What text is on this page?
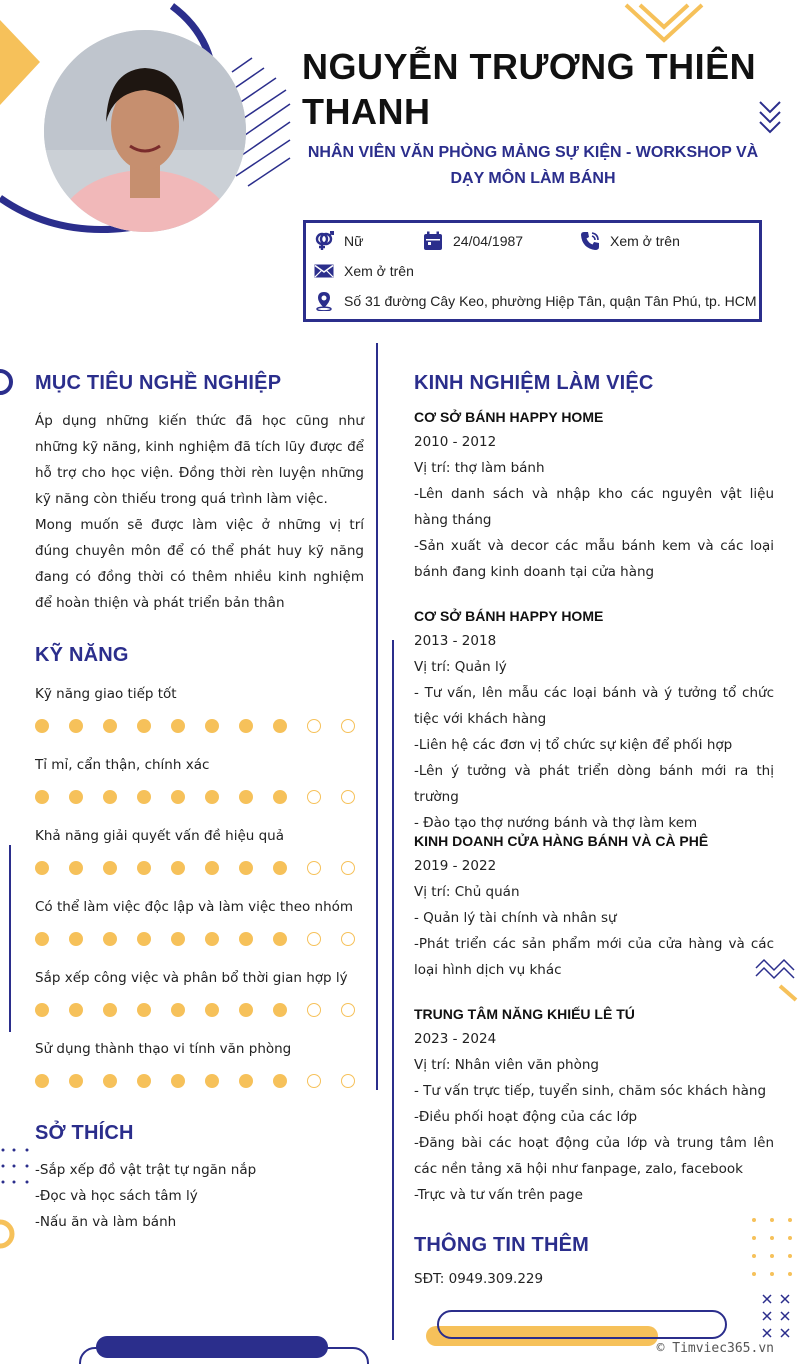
NGUYỄN TRƯƠNG THIÊN THANH
NHÂN VIÊN VĂN PHÒNG MẢNG SỰ KIỆN - WORKSHOP VÀ DẠY MÔN LÀM BÁNH
Nữ	24/04/1987	Xem ở trên
Xem ở trên
Số 31 đường Cây Keo, phường Hiệp Tân, quận Tân Phú, tp. HCM
MỤC TIÊU NGHỀ NGHIỆP
Áp dụng những kiến thức đã học cũng như những kỹ năng, kinh nghiệm đã tích lũy được để hỗ trợ cho học viện. Đồng thời rèn luyện những kỹ năng còn thiếu trong quá trình làm việc.
Mong muốn sẽ được làm việc ở những vị trí đúng chuyên môn để có thể phát huy kỹ năng đang có đồng thời có thêm nhiều kinh nghiệm để hoàn thiện và phát triển bản thân
KỸ NĂNG
Kỹ năng giao tiếp tốt
Tỉ mỉ, cẩn thận, chính xác
Khả năng giải quyết vấn đề hiệu quả
Có thể làm việc độc lập và làm việc theo nhóm
Sắp xếp công việc và phân bổ thời gian hợp lý
Sử dụng thành thạo vi tính văn phòng
SỞ THÍCH
-Sắp xếp đồ vật trật tự ngăn nắp
-Đọc và học sách tâm lý
-Nấu ăn và làm bánh
KINH NGHIỆM LÀM VIỆC
CƠ SỞ BÁNH HAPPY HOME
2010 - 2012
Vị trí: thợ làm bánh
-Lên danh sách và nhập kho các nguyên vật liệu hàng tháng
-Sản xuất và decor các mẫu bánh kem và các loại bánh đang kinh doanh tại cửa hàng
CƠ SỞ BÁNH HAPPY HOME
2013 - 2018
Vị trí: Quản lý
- Tư vấn, lên mẫu các loại bánh và ý tưởng tổ chức tiệc với khách hàng
-Liên hệ các đơn vị tổ chức sự kiện để phối hợp
-Lên ý tưởng và phát triển dòng bánh mới ra thị trường
- Đào tạo thợ nướng bánh và thợ làm kem
KINH DOANH CỬA HÀNG BÁNH VÀ CÀ PHÊ
2019 - 2022
Vị trí: Chủ quán
- Quản lý tài chính và nhân sự
-Phát triển các sản phẩm mới của cửa hàng và các loại hình dịch vụ khác
TRUNG TÂM NĂNG KHIẾU LÊ TÚ
2023 - 2024
Vị trí: Nhân viên văn phòng
- Tư vấn trực tiếp, tuyển sinh, chăm sóc khách hàng
-Điều phối hoạt động của các lớp
-Đăng bài các hoạt động của lớp và trung tâm lên các nền tảng xã hội như fanpage, zalo, facebook
-Trực và tư vấn trên page
THÔNG TIN THÊM
SĐT: 0949.309.229
© Timviec365.vn
